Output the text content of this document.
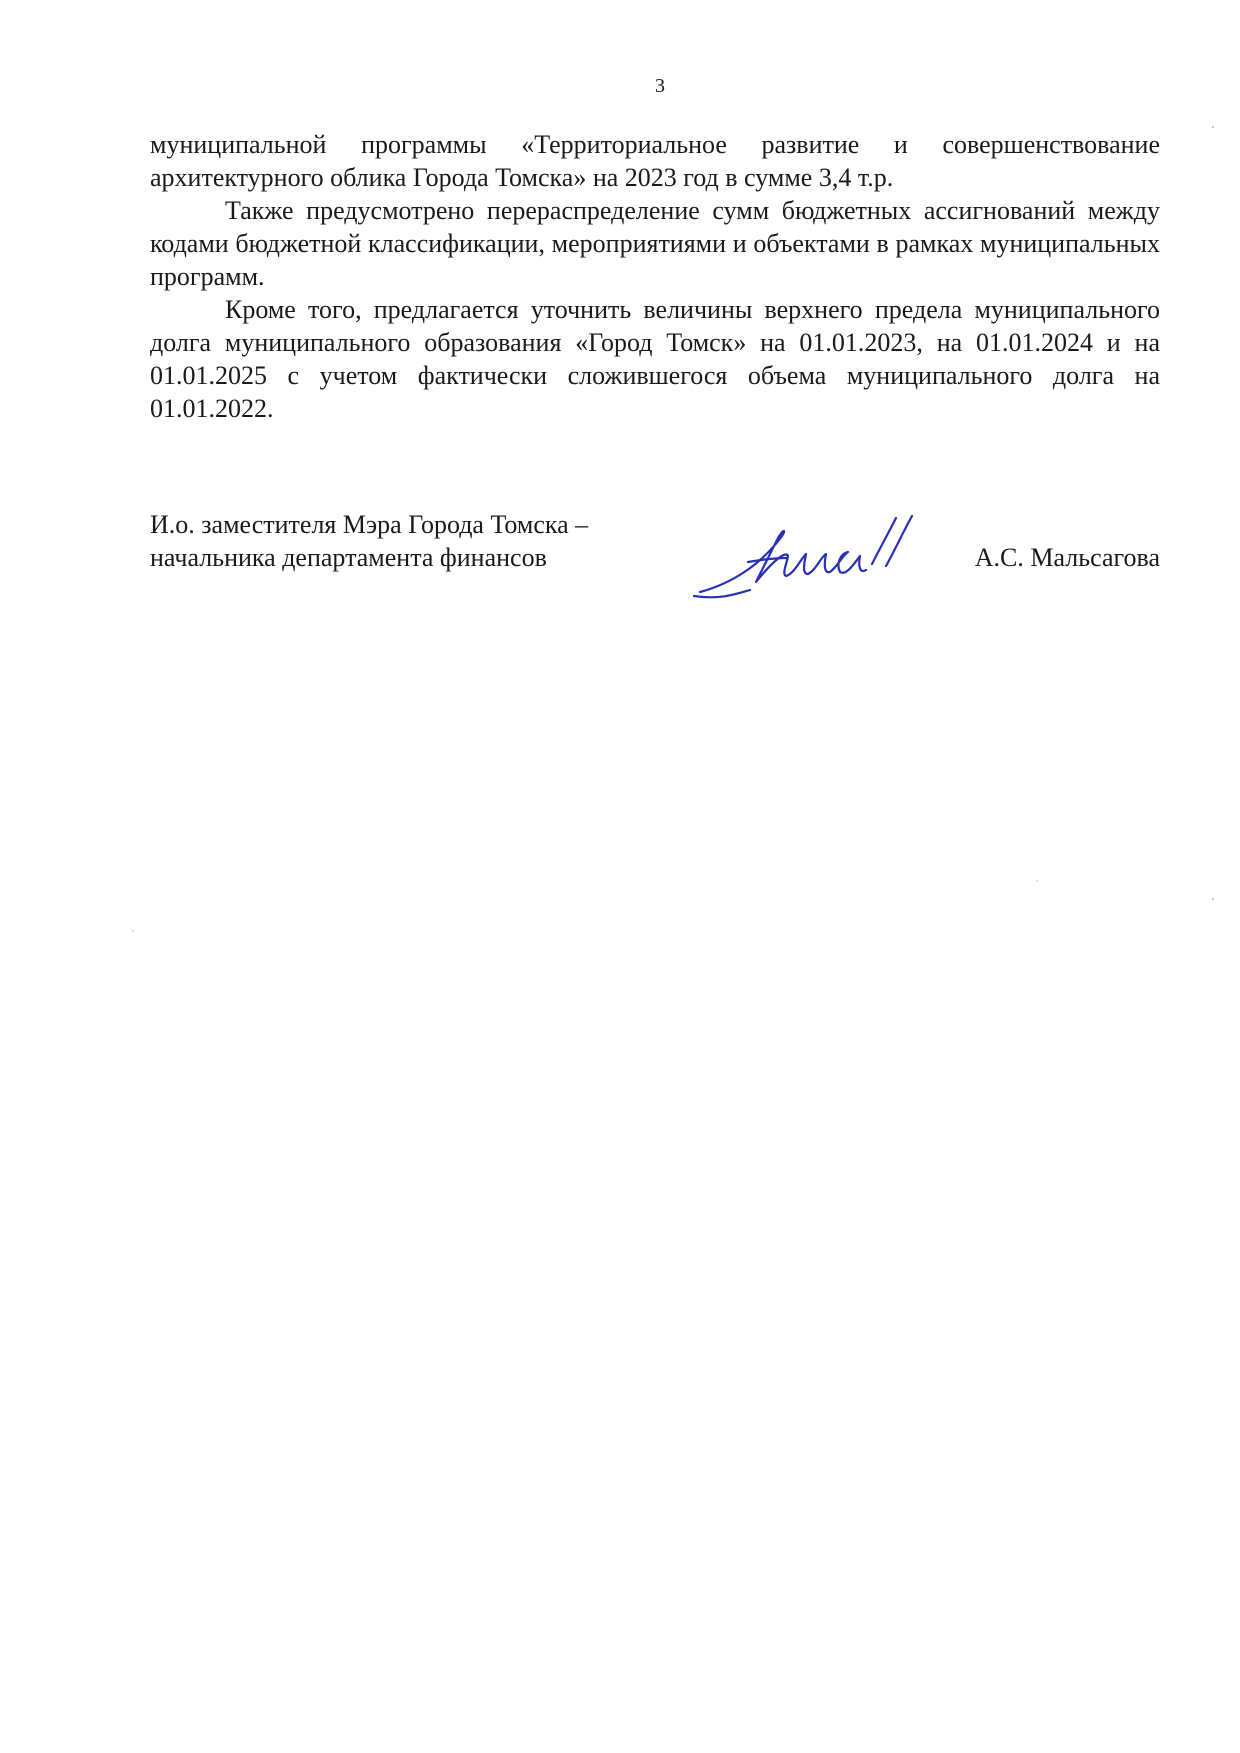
3

муниципальной программы «Территориальное развитие и совершенствование архитектурного облика Города Томска» на 2023 год в сумме 3,4 т.р.

Также предусмотрено перераспределение сумм бюджетных ассигнований между кодами бюджетной классификации, мероприятиями и объектами в рамках муниципальных программ.

Кроме того, предлагается уточнить величины верхнего предела муниципального долга муниципального образования «Город Томск» на 01.01.2023, на 01.01.2024 и на 01.01.2025 с учетом фактически сложившегося объема муниципального долга на 01.01.2022.

И.о. заместителя Мэра Города Томска –
начальника департамента финансов	А.С. Мальсагова
